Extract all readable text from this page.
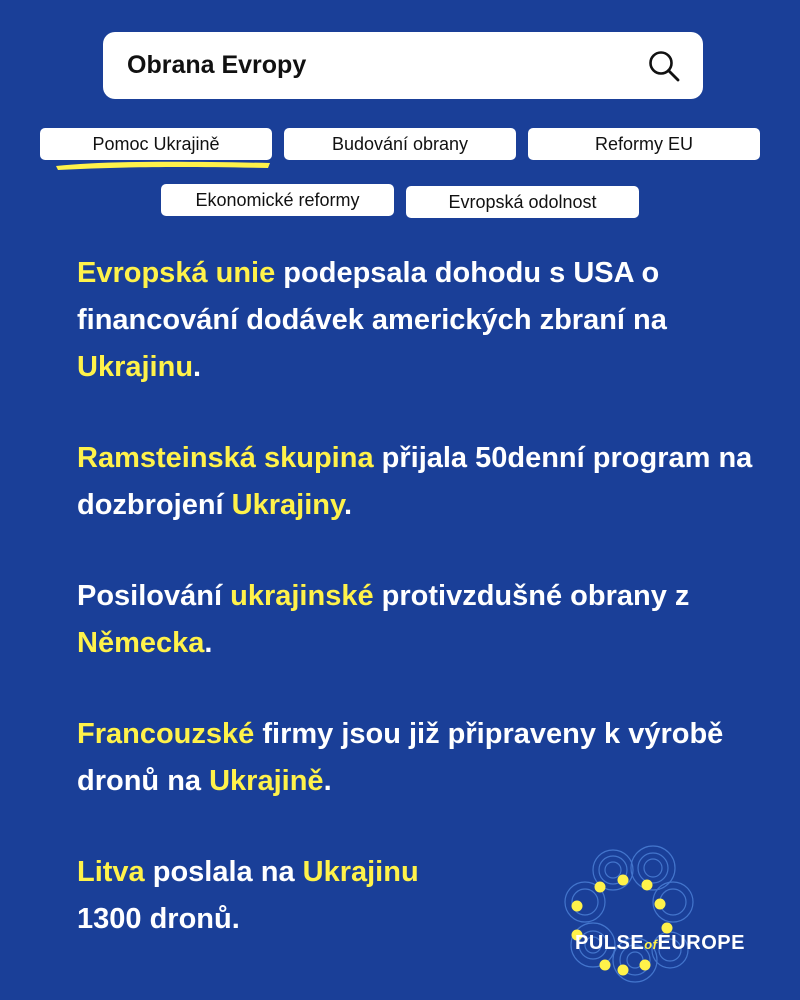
Obrana Evropy
Pomoc Ukrajině	Budování obrany	Reformy EU
Ekonomické reformy	Evropská odolnost

Evropská unie podepsala dohodu s USA o financování dodávek amerických zbraní na Ukrajinu.

Ramsteinská skupina přijala 50denní program na dozbrojení Ukrajiny.

Posilování ukrajinské protivzdušné obrany z Německa.

Francouzské firmy jsou již připraveny k výrobě dronů na Ukrajině.

Litva poslala na Ukrajinu
1300 dronů.

PULSEofEUROPE
